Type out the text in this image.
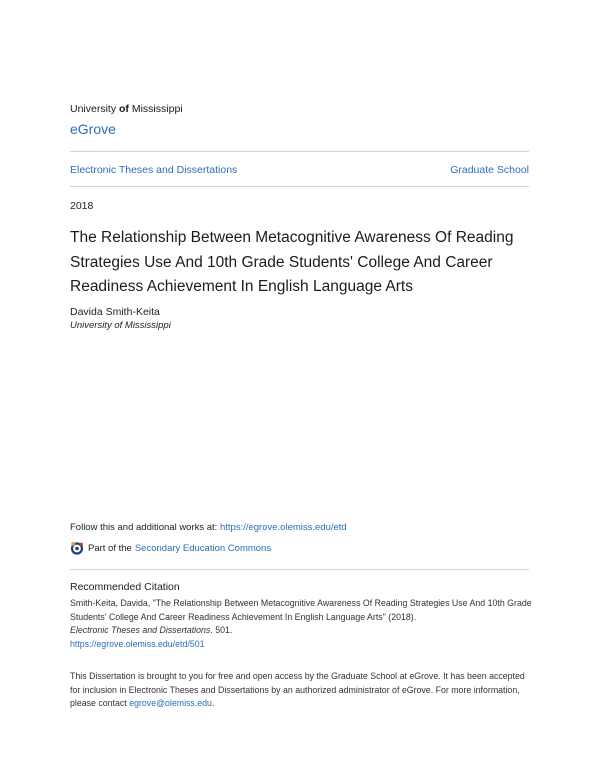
University of Mississippi
eGrove
Electronic Theses and Dissertations	Graduate School
2018
The Relationship Between Metacognitive Awareness Of Reading Strategies Use And 10th Grade Students' College And Career Readiness Achievement In English Language Arts
Davida Smith-Keita
University of Mississippi
Follow this and additional works at: https://egrove.olemiss.edu/etd
Part of the Secondary Education Commons
Recommended Citation
Smith-Keita, Davida, "The Relationship Between Metacognitive Awareness Of Reading Strategies Use And 10th Grade Students' College And Career Readiness Achievement In English Language Arts" (2018).
Electronic Theses and Dissertations. 501.
https://egrove.olemiss.edu/etd/501
This Dissertation is brought to you for free and open access by the Graduate School at eGrove. It has been accepted for inclusion in Electronic Theses and Dissertations by an authorized administrator of eGrove. For more information, please contact egrove@olemiss.edu.
